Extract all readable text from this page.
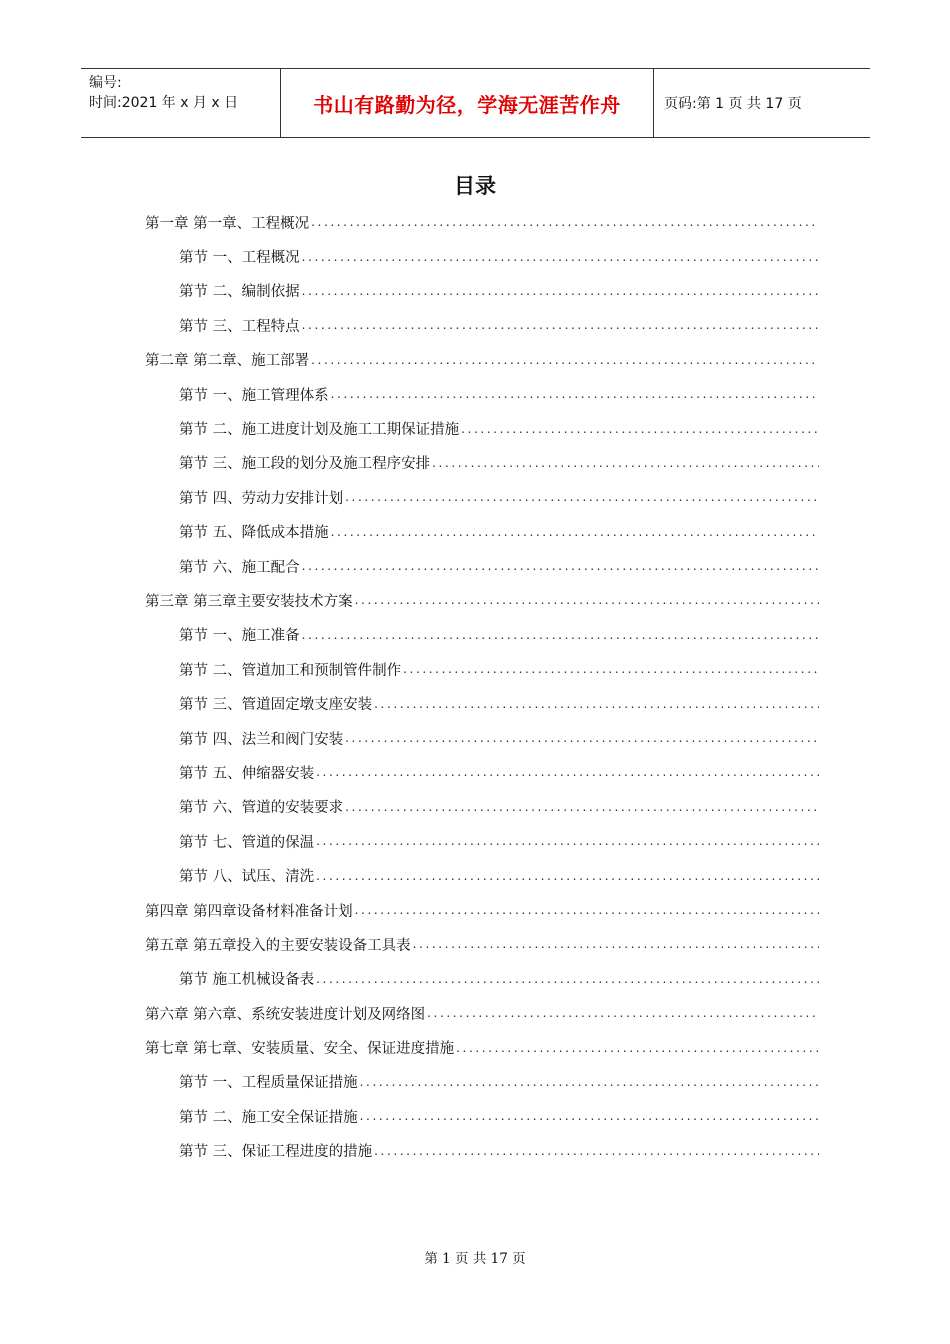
编号:
时间:2021 年 x 月 x 日	书山有路勤为径，学海无涯苦作舟	页码:第 1 页 共 17 页
目录
第一章 第一章、工程概况
.....
第节 一、工程概况
.....
第节 二、编制依据
.....
第节 三、工程特点
.....
第二章 第二章、施工部署
.....
第节 一、施工管理体系
.....
第节 二、施工进度计划及施工工期保证措施
.....
第节 三、施工段的划分及施工程序安排
.....
第节 四、劳动力安排计划
.....
第节 五、降低成本措施
.....
第节 六、施工配合
.....
第三章 第三章主要安装技术方案
.....
第节 一、施工准备
.....
第节 二、管道加工和预制管件制作
.....
第节 三、管道固定墩支座安装
.....
第节 四、法兰和阀门安装
.....
第节 五、伸缩器安装
.....
第节 六、管道的安装要求
.....
第节 七、管道的保温
.....
第节 八、试压、清洗
.....
第四章 第四章设备材料准备计划
.....
第五章 第五章投入的主要安装设备工具表
.....
第节 施工机械设备表
.....
第六章 第六章、系统安装进度计划及网络图
.....
第七章 第七章、安装质量、安全、保证进度措施
.....
第节 一、工程质量保证措施
.....
第节 二、施工安全保证措施
.....
第节 三、保证工程进度的措施
.....
第 1 页 共 17 页
